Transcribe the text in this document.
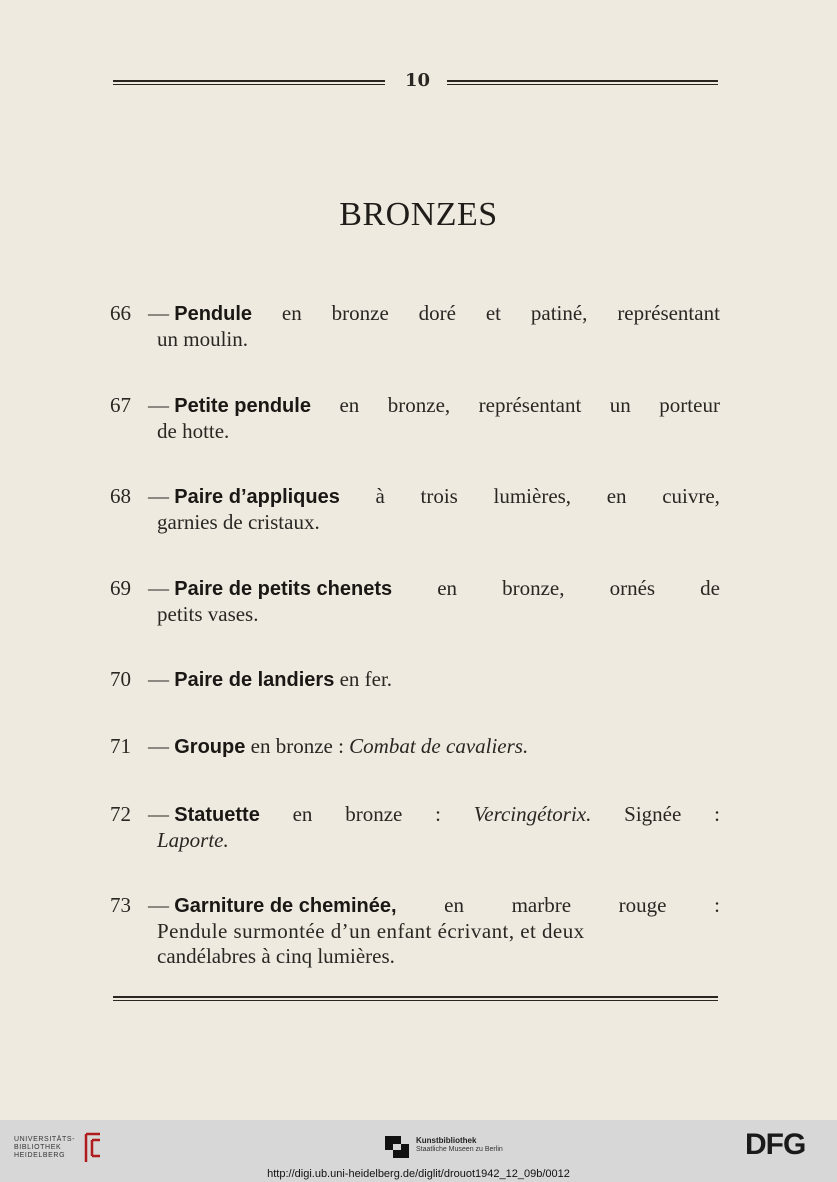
10
BRONZES
66 — Pendule en bronze doré et patiné, représentant
un moulin.
67 — Petite pendule en bronze, représentant un porteur
de hotte.
68 — Paire d’appliques à trois lumières, en cuivre,
garnies de cristaux.
69 — Paire de petits chenets en bronze, ornés de
petits vases.
70 — Paire de landiers en fer.
71 — Groupe en bronze : Combat de cavaliers.
72 — Statuette en bronze : Vercingétorix. Signée :
Laporte.
73 — Garniture de cheminée, en marbre rouge :
Pendule surmontée d’un enfant écrivant, et deux
candélabres à cinq lumières.
UNIVERSITÄTS-
BIBLIOTHEK
HEIDELBERG
Kunstbibliothek
Staatliche Museen zu Berlin	DFG
http://digi.ub.uni-heidelberg.de/diglit/drouot1942_12_09b/0012
